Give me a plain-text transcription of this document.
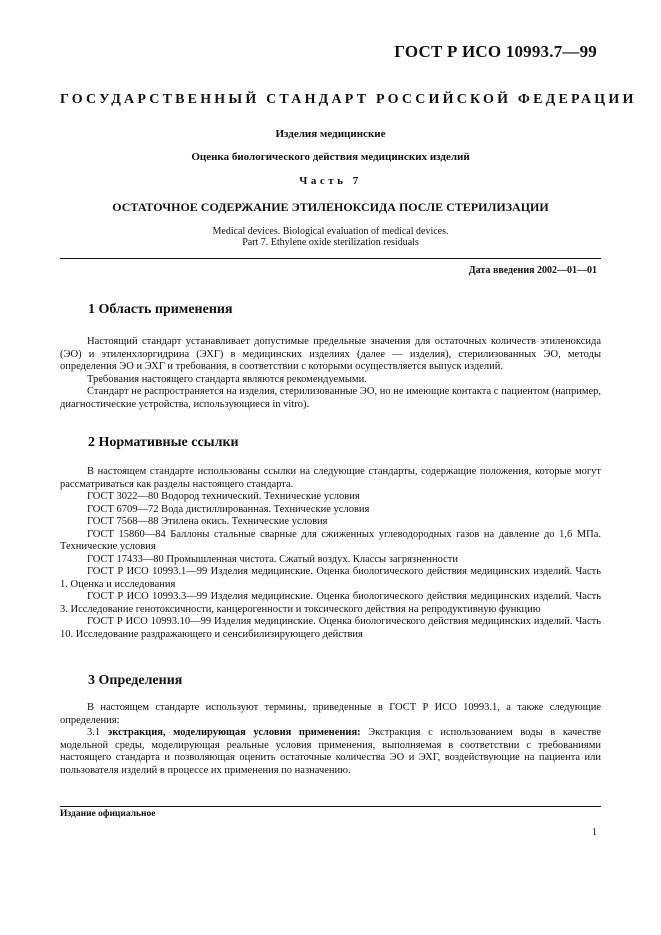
ГОСТ Р ИСО 10993.7—99
ГОСУДАРСТВЕННЫЙ СТАНДАРТ РОССИЙСКОЙ ФЕДЕРАЦИИ
Изделия медицинские
Оценка биологического действия медицинских изделий
Часть 7
ОСТАТОЧНОЕ СОДЕРЖАНИЕ ЭТИЛЕНОКСИДА ПОСЛЕ СТЕРИЛИЗАЦИИ
Medical devices. Biological evaluation of medical devices.
Part 7. Ethylene oxide sterilization residuals
Дата введения 2002—01—01
1 Область применения

Настоящий стандарт устанавливает допустимые предельные значения для остаточных количеств этиленоксида (ЭО) и этиленхлоргидрина (ЭХГ) в медицинских изделиях (далее — изделия), стерилизованных ЭО, методы определения ЭО и ЭХГ и требования, в соответствии с которыми осуществляется выпуск изделий.

Требования настоящего стандарта являются рекомендуемыми.

Стандарт не распространяется на изделия, стерилизованные ЭО, но не имеющие контакта с пациентом (например, диагностические устройства, использующиеся in vitro).

2 Нормативные ссылки

В настоящем стандарте использованы ссылки на следующие стандарты, содержащие положения, которые могут рассматриваться как разделы настоящего стандарта.

ГОСТ 3022—80 Водород технический. Технические условия

ГОСТ 6709—72 Вода дистиллированная. Технические условия

ГОСТ 7568—88 Этилена окись. Технические условия

ГОСТ 15860—84 Баллоны стальные сварные для сжиженных углеводородных газов на давление до 1,6 МПа. Технические условия

ГОСТ 17433—80 Промышленная чистота. Сжатый воздух. Классы загрязненности

ГОСТ Р ИСО 10993.1—99 Изделия медицинские. Оценка биологического действия медицинских изделий. Часть 1. Оценка и исследования

ГОСТ Р ИСО 10993.3—99 Изделия медицинские. Оценка биологического действия медицинских изделий. Часть 3. Исследование генотоксичности, канцерогенности и токсического действия на репродуктивную функцию

ГОСТ Р ИСО 10993.10—99 Изделия медицинские. Оценка биологического действия медицинских изделий. Часть 10. Исследование раздражающего и сенсибилизирующего действия

3 Определения

В настоящем стандарте используют термины, приведенные в ГОСТ Р ИСО 10993.1, а также следующие определения:

3.1 экстракция, моделирующая условия применения: Экстракция с использованием воды в качестве модельной среды, моделирующая реальные условия применения, выполняемая в соответствии с требованиями настоящего стандарта и позволяющая оценить остаточные количества ЭО и ЭХГ, воздействующие на пациента или пользователя изделий в процессе их применения по назначению.

Издание официальное
1
